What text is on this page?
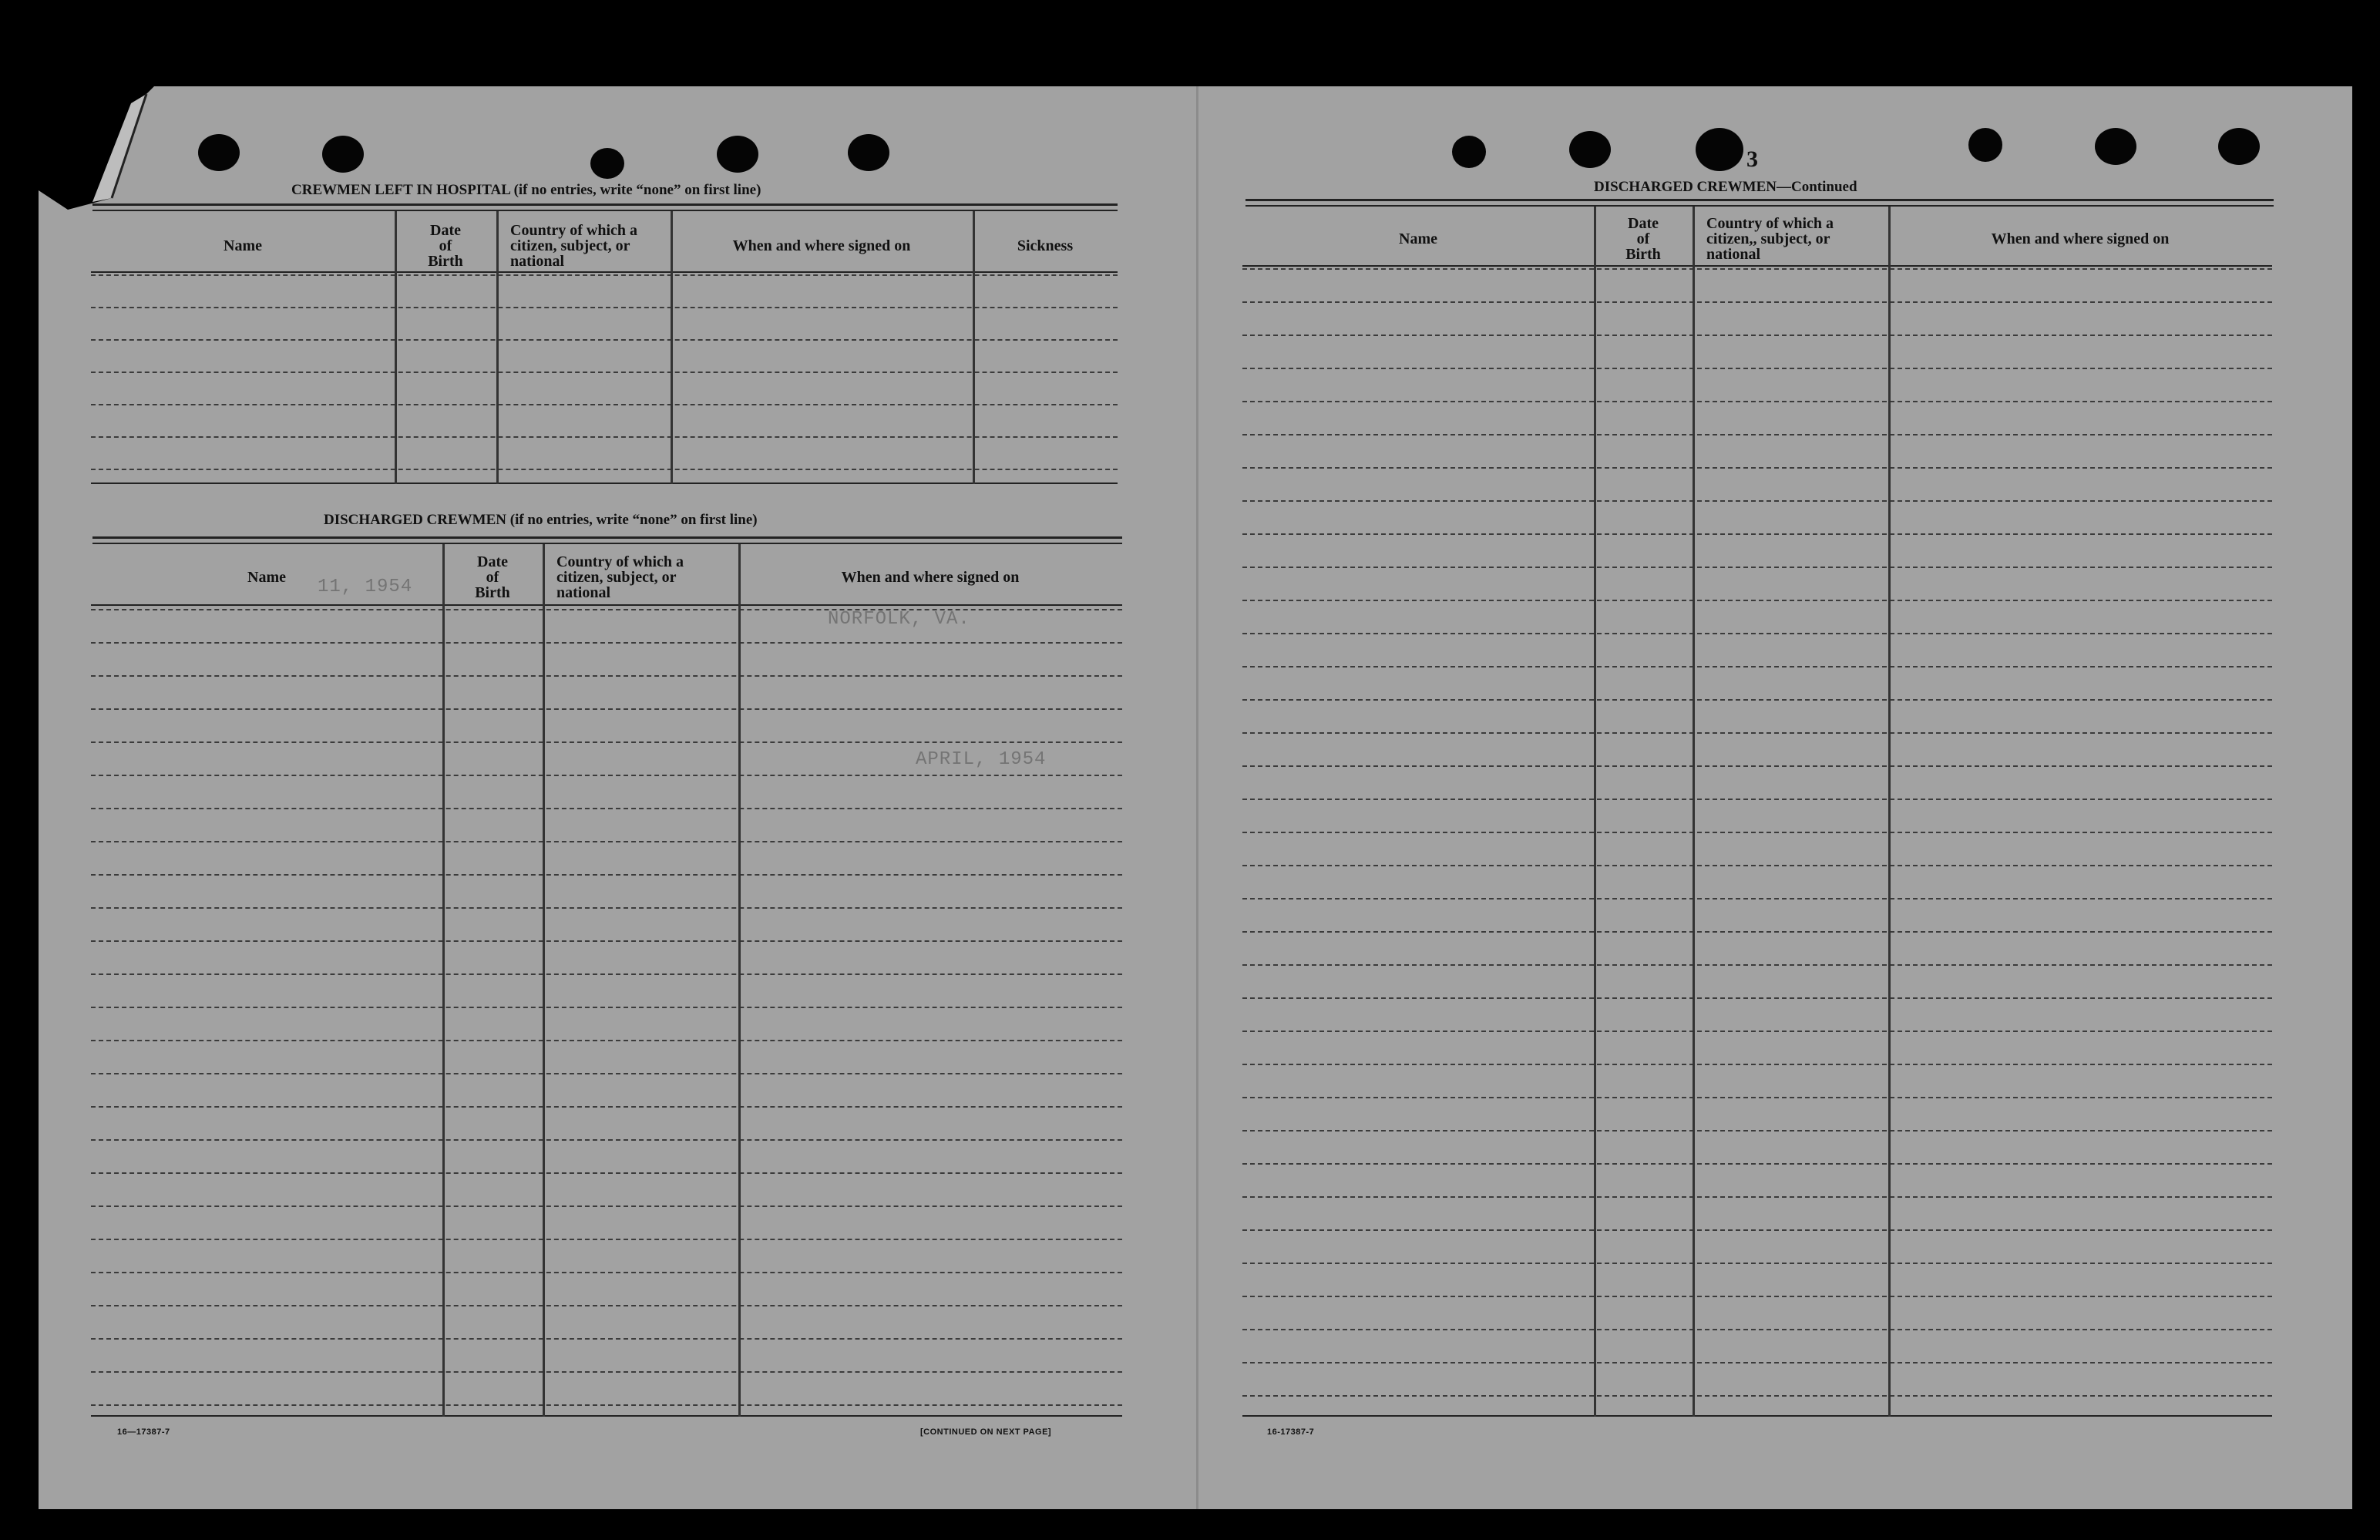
CREWMEN LEFT IN HOSPITAL (if no entries, write “none” on first line)
DISCHARGED CREWMEN (if no entries, write “none” on first line)
11, 1954
NORFOLK, VA.
APRIL, 1954
16—17387-7	[CONTINUED ON NEXT PAGE]
3
DISCHARGED CREWMEN—Continued
16-17387-7
Name
Date
of
Birth
Country of which a
citizen, subject, or
national
When and where signed on	Sickness
Name
Date
of
Birth
Country of which a
citizen, subject, or
national
When and where signed on
Name
Date
of
Birth
Country of which a
citizen,, subject, or
national
When and where signed on
